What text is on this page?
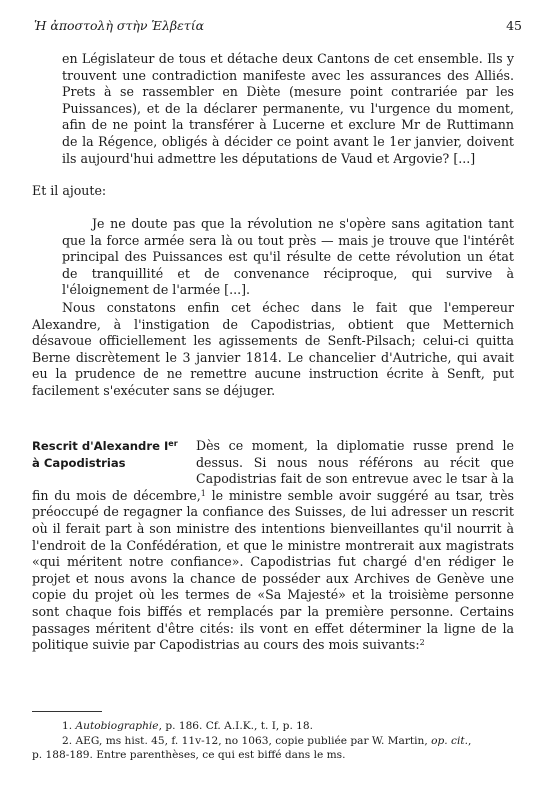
Ἡ ἀποστολὴ στὴν Ἑλβετία	45

en Législateur de tous et détache deux Cantons de cet ensemble. Ils y trouvent une contradiction manifeste avec les assurances des Alliés. Prets à se rassembler en Diète (mesure point contrariée par les Puissances), et de la déclarer permanente, vu l'urgence du moment, afin de ne point la transférer à Lucerne et exclure Mr de Ruttimann de la Régence, obligés à décider ce point avant le 1er janvier, doivent ils aujourd'hui admettre les députations de Vaud et Argovie? [...]

Et il ajoute:

Je ne doute pas que la révolution ne s'opère sans agitation tant que la force armée sera là ou tout près — mais je trouve que l'intérêt principal des Puissances est qu'il résulte de cette révolution un état de tranquillité et de convenance réciproque, qui survive à l'éloignement de l'armée [...].

Nous constatons enfin cet échec dans le fait que l'empereur Alexandre, à l'instigation de Capodistrias, obtient que Metternich désavoue officiellement les agissements de Senft-Pilsach; celui-ci quitta Berne discrètement le 3 janvier 1814. Le chancelier d'Autriche, qui avait eu la prudence de ne remettre aucune instruction écrite à Senft, put facilement s'exécuter sans se déjuger.

Rescrit d'Alexandre Ier
à Capodistrias

Dès ce moment, la diplomatie russe prend le dessus. Si nous nous référons au récit que Capodistrias fait de son entrevue avec le tsar à la fin du mois de décembre,$^1$ le ministre semble avoir suggéré au tsar, très préoccupé de regagner la confiance des Suisses, de lui adresser un rescrit où il ferait part à son ministre des intentions bienveillantes qu'il nourrit à l'endroit de la Confédération, et que le ministre montrerait aux magistrats «qui méritent notre confiance». Capodistrias fut chargé d'en rédiger le projet et nous avons la chance de posséder aux Archives de Genève une copie du projet où les termes de «Sa Majesté» et la troisième personne sont chaque fois biffés et remplacés par la première personne. Certains passages méritent d'être cités: ils vont en effet déterminer la ligne de la politique suivie par Capodistrias au cours des mois suivants:$^2$

1. Autobiographie, p. 186. Cf. A.I.K., t. I, p. 18.

2. AEG, ms hist. 45, f. 11v-12, no 1063, copie publiée par W. Martin, op. cit.,

p. 188-189. Entre parenthèses, ce qui est biffé dans le ms.
